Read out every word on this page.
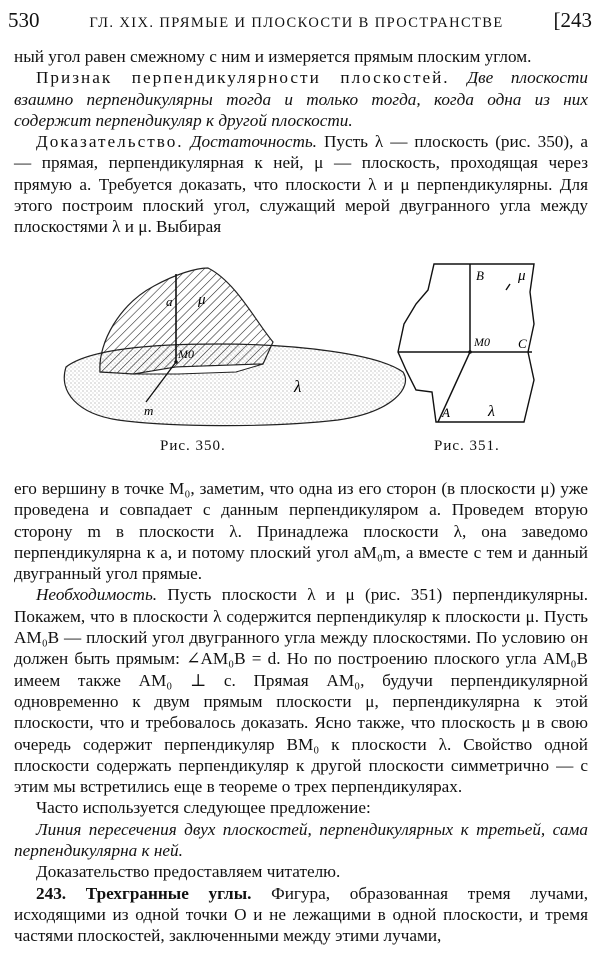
530	ГЛ. XIX. ПРЯМЫЕ И ПЛОСКОСТИ В ПРОСТРАНСТВЕ [243

ный угол равен смежному с ним и измеряется прямым плоским углом.

Признак перпендикулярности плоскостей. Две плоскости взаимно перпендикулярны тогда и только тогда, когда одна из них содержит перпендикуляр к другой плоскости.

Доказательство. Достаточность. Пусть λ — плоскость (рис. 350), a — прямая, перпендикулярная к ней, μ — плоскость, проходящая через прямую a. Требуется доказать, что плоскости λ и μ перпендикулярны. Для этого построим плоский угол, служащий мерой двугранного угла между плоскостями λ и μ. Выбирая

a μ
M0
λ
m
Рис. 350.
B μ
M0 C
A λ
Рис. 351.

его вершину в точке M₀, заметим, что одна из его сторон (в плоскости μ) уже проведена и совпадает с данным перпендикуляром a. Проведем вторую сторону m в плоскости λ. Принадлежа плоскости λ, она заведомо перпендикулярна к a, и потому плоский угол aM₀m, а вместе с тем и данный двугранный угол прямые.

Необходимость. Пусть плоскости λ и μ (рис. 351) перпендикулярны. Покажем, что в плоскости λ содержится перпендикуляр к плоскости μ. Пусть AM₀B — плоский угол двугранного угла между плоскостями. По условию он должен быть прямым: ∠AM₀B = d. Но по построению плоского угла AM₀B имеем также AM₀ ⊥ c. Прямая AM₀, будучи перпендикулярной одновременно к двум прямым плоскости μ, перпендикулярна к этой плоскости, что и требовалось доказать. Ясно также, что плоскость μ в свою очередь содержит перпендикуляр BM₀ к плоскости λ. Свойство одной плоскости содержать перпендикуляр к другой плоскости симметрично — с этим мы встретились еще в теореме о трех перпендикулярах.

Часто используется следующее предложение:

Линия пересечения двух плоскостей, перпендикулярных к третьей, сама перпендикулярна к ней.

Доказательство предоставляем читателю.

243. Трехгранные углы. Фигура, образованная тремя лучами, исходящими из одной точки O и не лежащими в одной плоскости, и тремя частями плоскостей, заключенными между этими лучами,
